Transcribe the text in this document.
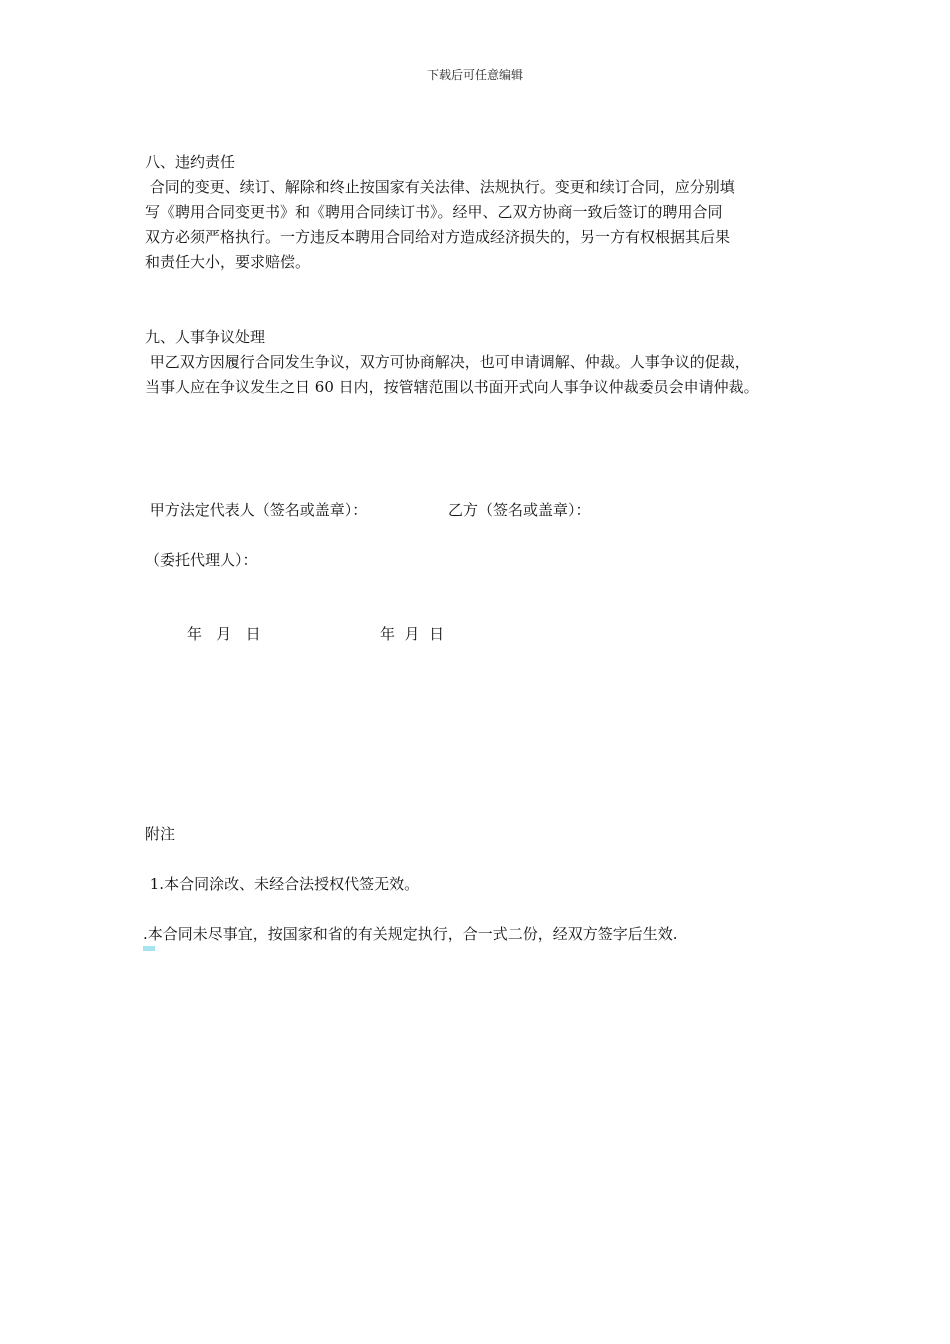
下载后可任意编辑

八、违约责任

合同的变更、续订、解除和终止按国家有关法律、法规执行。变更和续订合同，应分别填

写《聘用合同变更书》和《聘用合同续订书》。经甲、乙双方协商一致后签订的聘用合同

双方必须严格执行。一方违反本聘用合同给对方造成经济损失的，另一方有权根据其后果

和责任大小，要求赔偿。

九、人事争议处理

甲乙双方因履行合同发生争议，双方可协商解决，也可申请调解、仲裁。人事争议的促裁，

当事人应在争议发生之日 60 日内，按管辖范围以书面开式向人事争议仲裁委员会申请仲裁。

甲方法定代表人（签名或盖章）：	乙方（签名或盖章）：
（委托代理人）：
年   月   日	年  月  日
附注
1.本合同涂改、未经合法授权代签无效。
.本合同未尽事宜，按国家和省的有关规定执行，合一式二份，经双方签字后生效.
